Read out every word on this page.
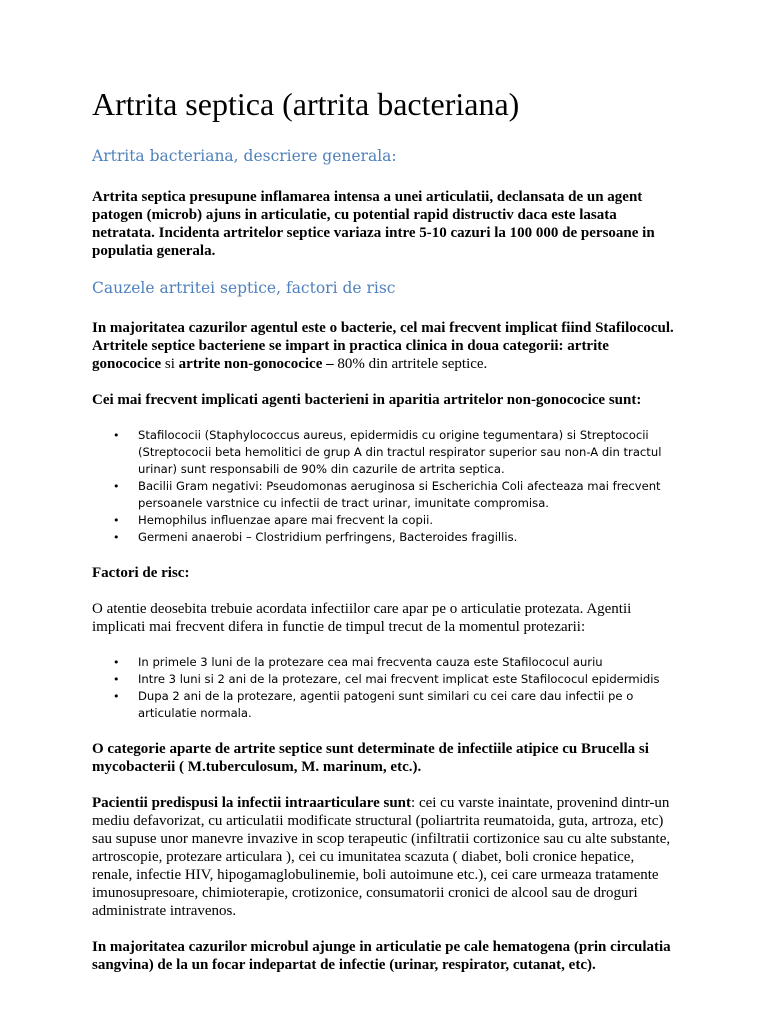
Artrita septica (artrita bacteriana)
Artrita bacteriana, descriere generala:

Artrita septica presupune inflamarea intensa a unei articulatii, declansata de un agent patogen (microb) ajuns in articulatie, cu potential rapid distructiv daca este lasata netratata. Incidenta artritelor septice variaza intre 5-10 cazuri la 100 000 de persoane in populatia generala.

Cauzele artritei septice, factori de risc

In majoritatea cazurilor agentul este o bacterie, cel mai frecvent implicat fiind Stafilococul. Artritele septice bacteriene se impart in practica clinica in doua categorii: artrite gonococice si artrite non-gonococice – 80% din artritele septice.

Cei mai frecvent implicati agenti bacterieni in aparitia artritelor non-gonococice sunt:

• Stafilococii (Staphylococcus aureus, epidermidis cu origine tegumentara) si Streptococii (Streptococii beta hemolitici de grup A din tractul respirator superior sau non-A din tractul urinar) sunt responsabili de 90% din cazurile de artrita septica.
• Bacilii Gram negativi: Pseudomonas aeruginosa si Escherichia Coli afecteaza mai frecvent persoanele varstnice cu infectii de tract urinar, imunitate compromisa.
• Hemophilus influenzae apare mai frecvent la copii.
• Germeni anaerobi – Clostridium perfringens, Bacteroides fragillis.

Factori de risc:

O atentie deosebita trebuie acordata infectiilor care apar pe o articulatie protezata. Agentii implicati mai frecvent difera in functie de timpul trecut de la momentul protezarii:

• In primele 3 luni de la protezare cea mai frecventa cauza este Stafilococul auriu
• Intre 3 luni si 2 ani de la protezare, cel mai frecvent implicat este Stafilococul epidermidis
• Dupa 2 ani de la protezare, agentii patogeni sunt similari cu cei care dau infectii pe o articulatie normala.

O categorie aparte de artrite septice sunt determinate de infectiile atipice cu Brucella si mycobacterii ( M.tuberculosum, M. marinum, etc.).

Pacientii predispusi la infectii intraarticulare sunt: cei cu varste inaintate, provenind dintr-un mediu defavorizat, cu articulatii modificate structural (poliartrita reumatoida, guta, artroza, etc) sau supuse unor manevre invazive in scop terapeutic (infiltratii cortizonice sau cu alte substante, artroscopie, protezare articulara ), cei cu imunitatea scazuta ( diabet, boli cronice hepatice, renale, infectie HIV, hipogamaglobulinemie, boli autoimune etc.), cei care urmeaza tratamente imunosupresoare, chimioterapie, crotizonice, consumatorii cronici de alcool sau de droguri administrate intravenos.

In majoritatea cazurilor microbul ajunge in articulatie pe cale hematogena (prin circulatia sangvina) de la un focar indepartat de infectie (urinar, respirator, cutanat, etc).
